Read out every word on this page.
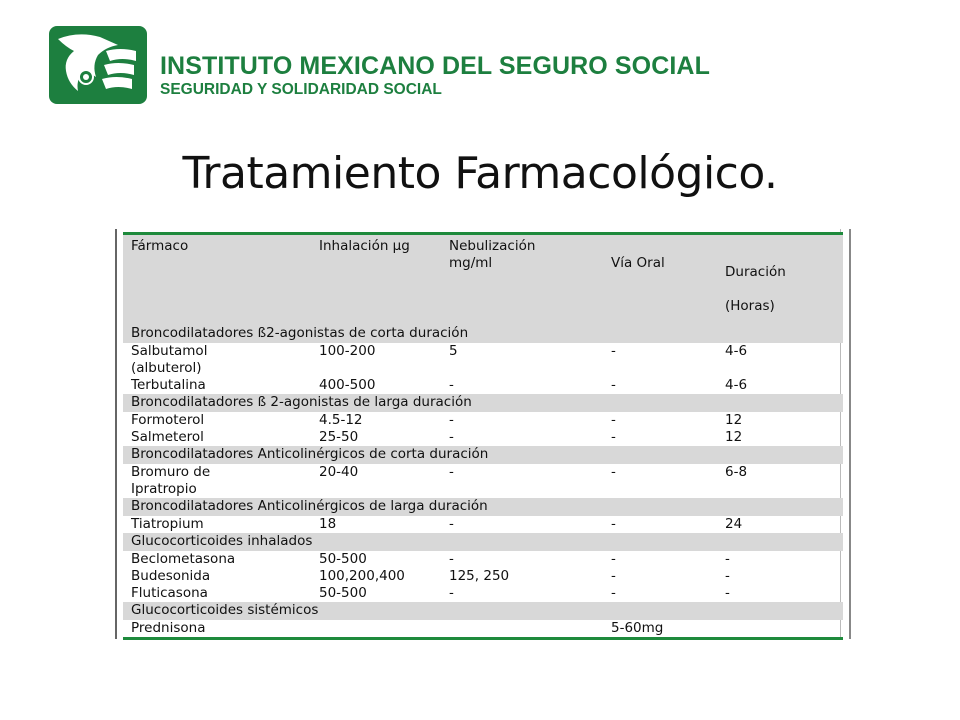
INSTITUTO MEXICANO DEL SEGURO SOCIAL
SEGURIDAD Y SOLIDARIDAD SOCIAL
Tratamiento Farmacológico.
Fármaco	Inhalación µg	Nebulización mg/ml	Vía Oral	Duración (Horas)
Broncodilatadores ß2-agonistas de corta duración				
Salbutamol (albuterol)	100-200	5	-	4-6
Terbutalina	400-500	-	-	4-6
Broncodilatadores ß 2-agonistas de larga duración				
Formoterol	4.5-12	-	-	12
Salmeterol	25-50	-	-	12
Broncodilatadores Anticolinérgicos de corta duración				
Bromuro de Ipratropio	20-40	-	-	6-8
Broncodilatadores Anticolinérgicos de larga duración				
Tiatropium	18	-	-	24
Glucocorticoides inhalados				
Beclometasona	50-500	-	-	-
Budesonida	100,200,400	125, 250	-	-
Fluticasona	50-500	-	-	-
Glucocorticoides sistémicos				
Prednisona			5-60mg	
